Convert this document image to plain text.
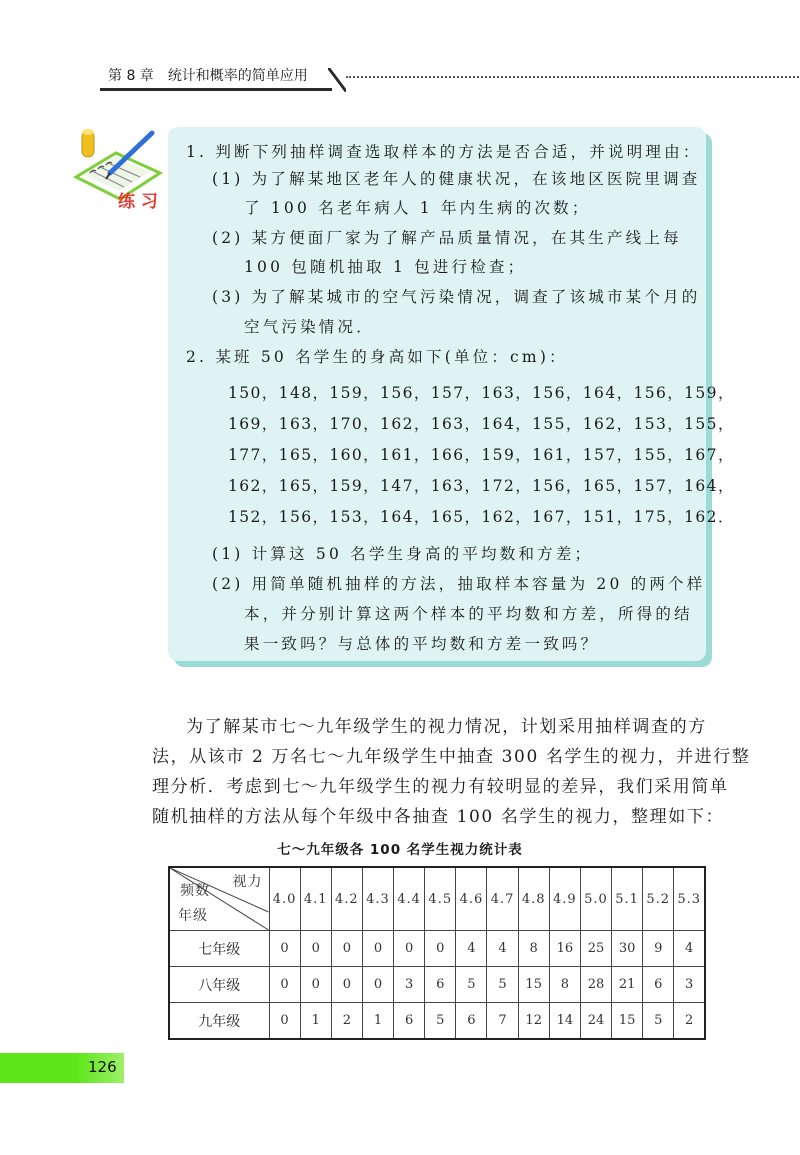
第 8 章 统计和概率的简单应用
练 习
1. 判断下列抽样调查选取样本的方法是否合适，并说明理由：
(1) 为了解某地区老年人的健康状况，在该地区医院里调查
了 100 名老年病人 1 年内生病的次数；
(2) 某方便面厂家为了解产品质量情况，在其生产线上每
100 包随机抽取 1 包进行检查；
(3) 为了解某城市的空气污染情况，调查了该城市某个月的
空气污染情况．
2. 某班 50 名学生的身高如下(单位：cm)：
150，148，159，156，157，163，156，164，156，159，
169，163，170，162，163，164，155，162，153，155，
177，165，160，161，166，159，161，157，155，167，
162，165，159，147，163，172，156，165，157，164，
152，156，153，164，165，162，167，151，175，162．
(1) 计算这 50 名学生身高的平均数和方差；
(2) 用简单随机抽样的方法，抽取样本容量为 20 的两个样
本，并分别计算这两个样本的平均数和方差，所得的结
果一致吗？与总体的平均数和方差一致吗？
为了解某市七～九年级学生的视力情况，计划采用抽样调查的方
法，从该市 2 万名七～九年级学生中抽查 300 名学生的视力，并进行整
理分析．考虑到七～九年级学生的视力有较明显的差异，我们采用简单
随机抽样的方法从每个年级中各抽查 100 名学生的视力，整理如下：
七～九年级各 100 名学生视力统计表
视力
频数
年级	4.0	4.1	4.2	4.3	4.4	4.5	4.6	4.7	4.8	4.9	5.0	5.1	5.2	5.3
七年级	0	0	0	0	0	0	4	4	8	16	25	30	9	4
八年级	0	0	0	0	3	6	5	5	15	8	28	21	6	3
九年级	0	1	2	1	6	5	6	7	12	14	24	15	5	2
126
